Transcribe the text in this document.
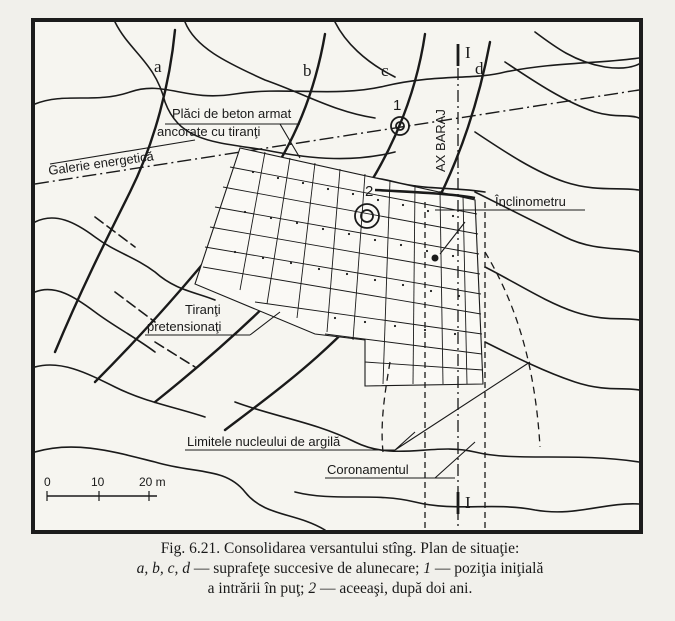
a	b	c	d
I
I
1
2
Plăci de beton armat
ancorate cu tiranţi
Galerie energetică	AX BARAJ
Înclinometru
Tiranţi
pretensionaţi
Limitele nucleului de argilă
Coronamentul
0	10	20 m
Fig. 6.21. Consolidarea versantului stîng. Plan de situaţie:
a, b, c, d — suprafeţe succesive de alunecare; 1 — poziţia iniţială
a intrării în puţ; 2 — aceeaşi, după doi ani.
